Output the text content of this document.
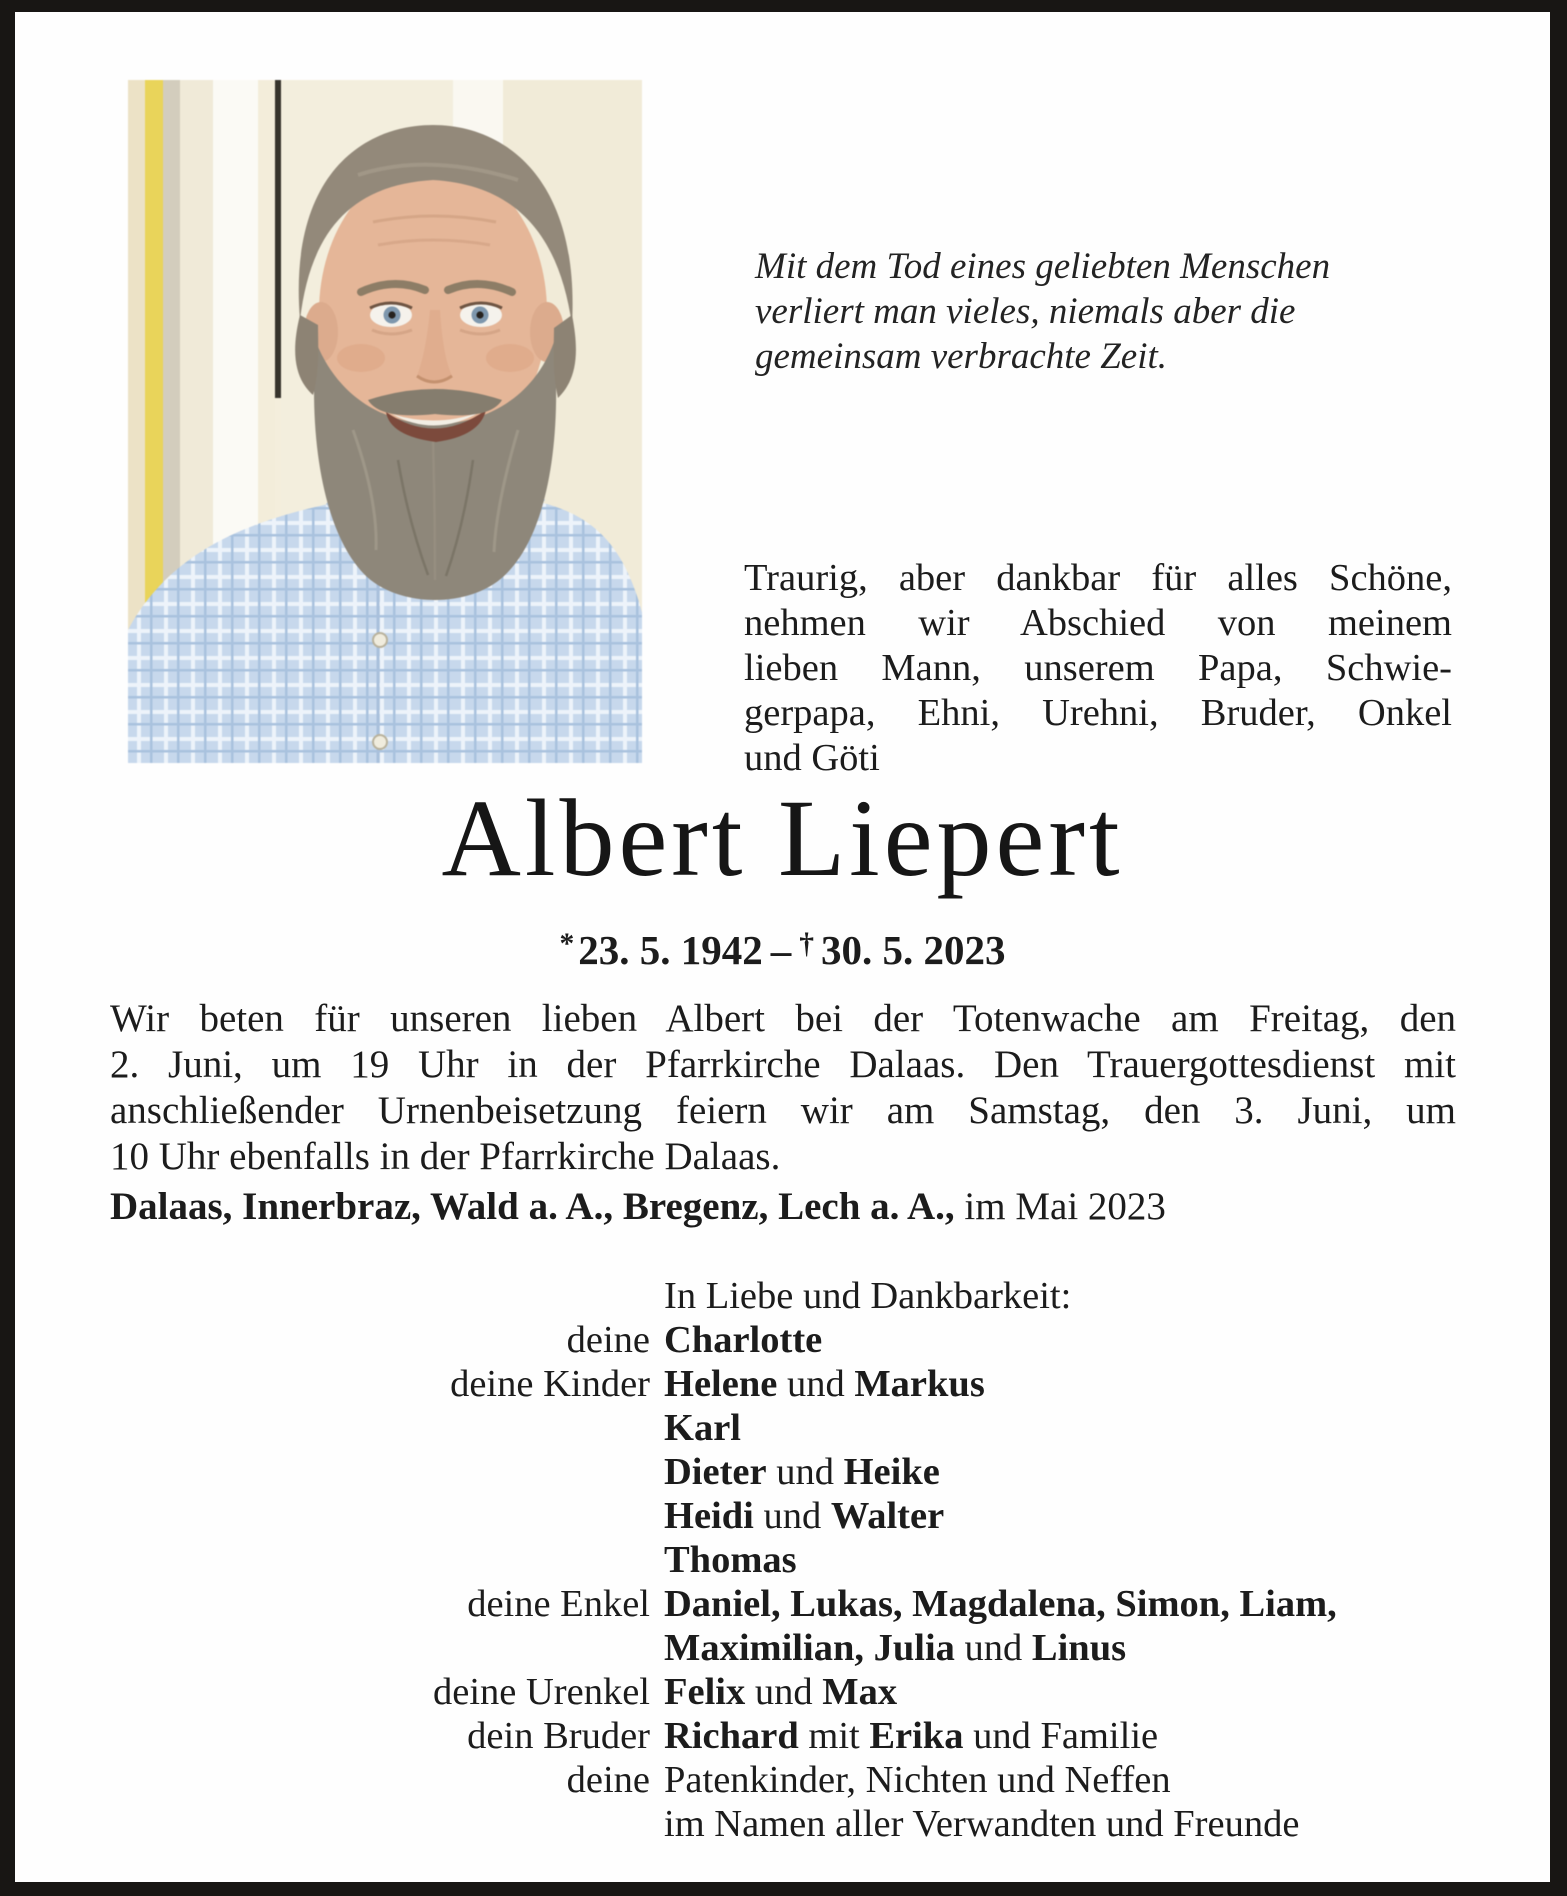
Mit dem Tod eines geliebten Menschen
verliert man vieles, niemals aber die
gemeinsam verbrachte Zeit.
Traurig, aber dankbar für alles Schöne,
nehmen wir Abschied von meinem
lieben Mann, unserem Papa, Schwie-
gerpapa, Ehni, Urehni, Bruder, Onkel
und Göti
Albert Liepert
*23. 5. 1942 – † 30. 5. 2023
Wir beten für unseren lieben Albert bei der Totenwache am Freitag, den
2. Juni, um 19 Uhr in der Pfarrkirche Dalaas. Den Trauergottesdienst mit
anschließender Urnenbeisetzung feiern wir am Samstag, den 3. Juni, um
10 Uhr ebenfalls in der Pfarrkirche Dalaas.
Dalaas, Innerbraz, Wald a. A., Bregenz, Lech a. A., im Mai 2023
In Liebe und Dankbarkeit:
deine Charlotte
deine Kinder Helene und Markus
Karl
Dieter und Heike
Heidi und Walter
Thomas
deine Enkel Daniel, Lukas, Magdalena, Simon, Liam,
Maximilian, Julia und Linus
deine Urenkel Felix und Max
dein Bruder Richard mit Erika und Familie
deine Patenkinder, Nichten und Neffen
im Namen aller Verwandten und Freunde
